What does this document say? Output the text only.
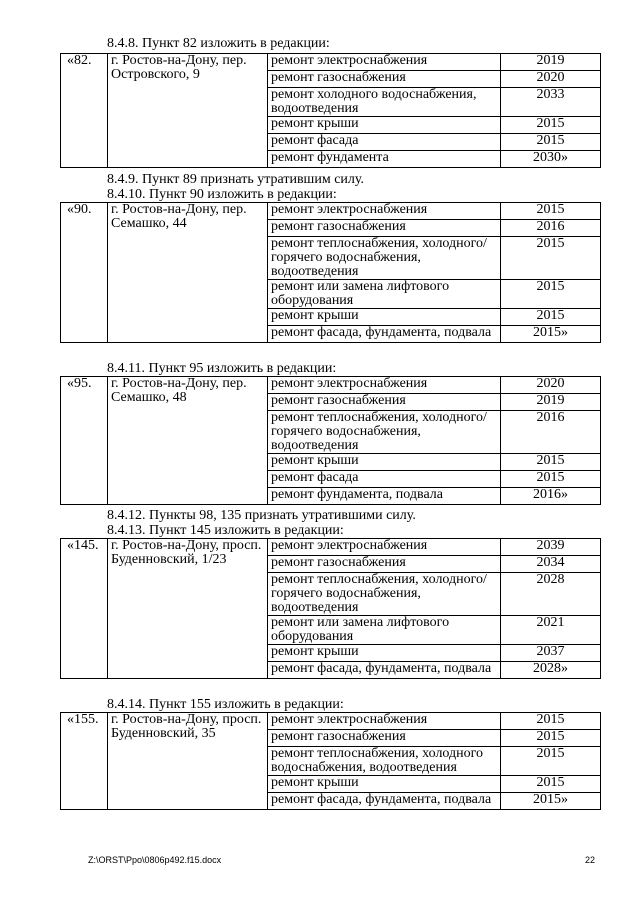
8.4.8. Пункт 82 изложить в редакции:
«82.	г. Ростов-на-Дону, пер. Островского, 9	ремонт электроснабжения	2019
		ремонт газоснабжения	2020
		ремонт холодного водоснабжения, водоотведения	2033
		ремонт крыши	2015
		ремонт фасада	2015
		ремонт фундамента	2030»
8.4.9. Пункт 89 признать утратившим силу.
8.4.10. Пункт 90 изложить в редакции:
«90.	г. Ростов-на-Дону, пер. Семашко, 44	ремонт электроснабжения	2015
		ремонт газоснабжения	2016
		ремонт теплоснабжения, холодного/горячего водоснабжения, водоотведения	2015
		ремонт или замена лифтового оборудования	2015
		ремонт крыши	2015
		ремонт фасада, фундамента, подвала	2015»
8.4.11. Пункт 95 изложить в редакции:
«95.	г. Ростов-на-Дону, пер. Семашко, 48	ремонт электроснабжения	2020
		ремонт газоснабжения	2019
		ремонт теплоснабжения, холодного/горячего водоснабжения, водоотведения	2016
		ремонт крыши	2015
		ремонт фасада	2015
		ремонт фундамента, подвала	2016»
8.4.12. Пункты 98, 135 признать утратившими силу.
8.4.13. Пункт 145 изложить в редакции:
«145.	г. Ростов-на-Дону, просп. Буденновский, 1/23	ремонт электроснабжения	2039
		ремонт газоснабжения	2034
		ремонт теплоснабжения, холодного/горячего водоснабжения, водоотведения	2028
		ремонт или замена лифтового оборудования	2021
		ремонт крыши	2037
		ремонт фасада, фундамента, подвала	2028»
8.4.14. Пункт 155 изложить в редакции:
«155.	г. Ростов-на-Дону, просп. Буденновский, 35	ремонт электроснабжения	2015
		ремонт газоснабжения	2015
		ремонт теплоснабжения, холодного водоснабжения, водоотведения	2015
		ремонт крыши	2015
		ремонт фасада, фундамента, подвала	2015»
Z:\ORST\Ppo\0806p492.f15.docx	22
